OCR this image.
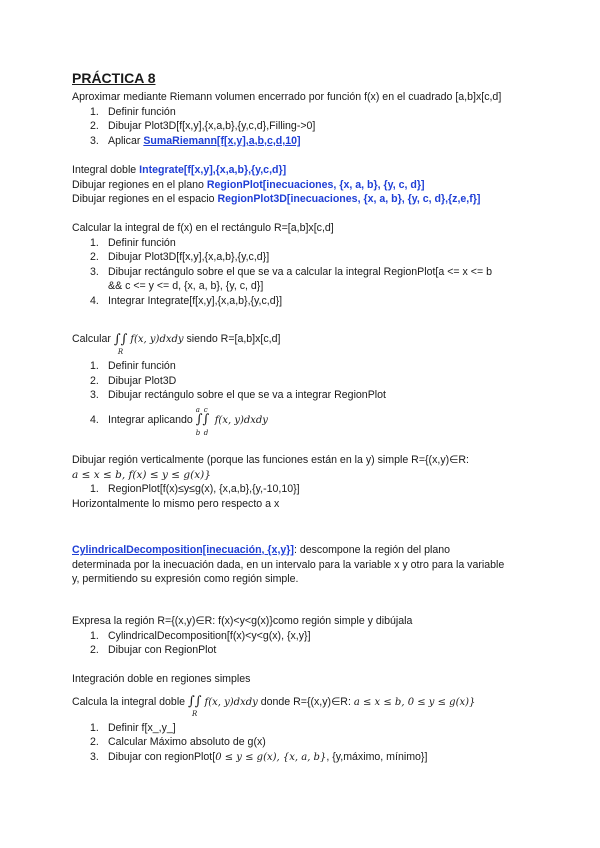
PRÁCTICA 8
Aproximar mediante Riemann volumen encerrado por función f(x) en el cuadrado [a,b]x[c,d]
1. Definir función
2. Dibujar Plot3D[f[x,y],{x,a,b},{y,c,d},Filling->0]
3. Aplicar SumaRiemann[f[x,y],a,b,c,d,10]
Integral doble Integrate[f[x,y],{x,a,b},{y,c,d}]
Dibujar regiones en el plano RegionPlot[inecuaciones, {x, a, b}, {y, c, d}]
Dibujar regiones en el espacio RegionPlot3D[inecuaciones, {x, a, b}, {y, c, d},{z,e,f}]
Calcular la integral de f(x) en el rectángulo R=[a,b]x[c,d]
1. Definir función
2. Dibujar Plot3D[f[x,y],{x,a,b},{y,c,d}]
3. Dibujar rectángulo sobre el que se va a calcular la integral RegionPlot[a <= x <= b
&& c <= y <= d, {x, a, b}, {y, c, d}]
4. Integrar Integrate[f[x,y],{x,a,b},{y,c,d}]
Calcular ∫∫
R
f(x, y)dxdy siendo R=[a,b]x[c,d]
1. Definir función
2. Dibujar Plot3D
3. Dibujar rectángulo sobre el que se va a integrar RegionPlot
4. Integrar aplicando ∫∫
a c
b d
f(x, y)dxdy
Dibujar región verticalmente (porque las funciones están en la y) simple R={(x,y)∈R:
a ≤ x ≤ b, f(x) ≤ y ≤ g(x)}
1. RegionPlot[f(x)≤y≤g(x), {x,a,b},{y,-10,10}]
Horizontalmente lo mismo pero respecto a x
CylindricalDecomposition[inecuación, {x,y}]: descompone la región del plano
determinada por la inecuación dada, en un intervalo para la variable x y otro para la variable
y, permitiendo su expresión como región simple.
Expresa la región R={(x,y)∈R: f(x)<y<g(x)}como región simple y dibújala
1. CylindricalDecomposition[f(x)<y<g(x), {x,y}]
2. Dibujar con RegionPlot
Integración doble en regiones simples
Calcula la integral doble ∫∫
R
f(x, y)dxdy donde R={(x,y)∈R: a ≤ x ≤ b, 0 ≤ y ≤ g(x)}
1. Definir f[x_,y_]
2. Calcular Máximo absoluto de g(x)
3. Dibujar con regionPlot[0 ≤ y ≤ g(x), {x, a, b}, {y,máximo, mínimo}]
